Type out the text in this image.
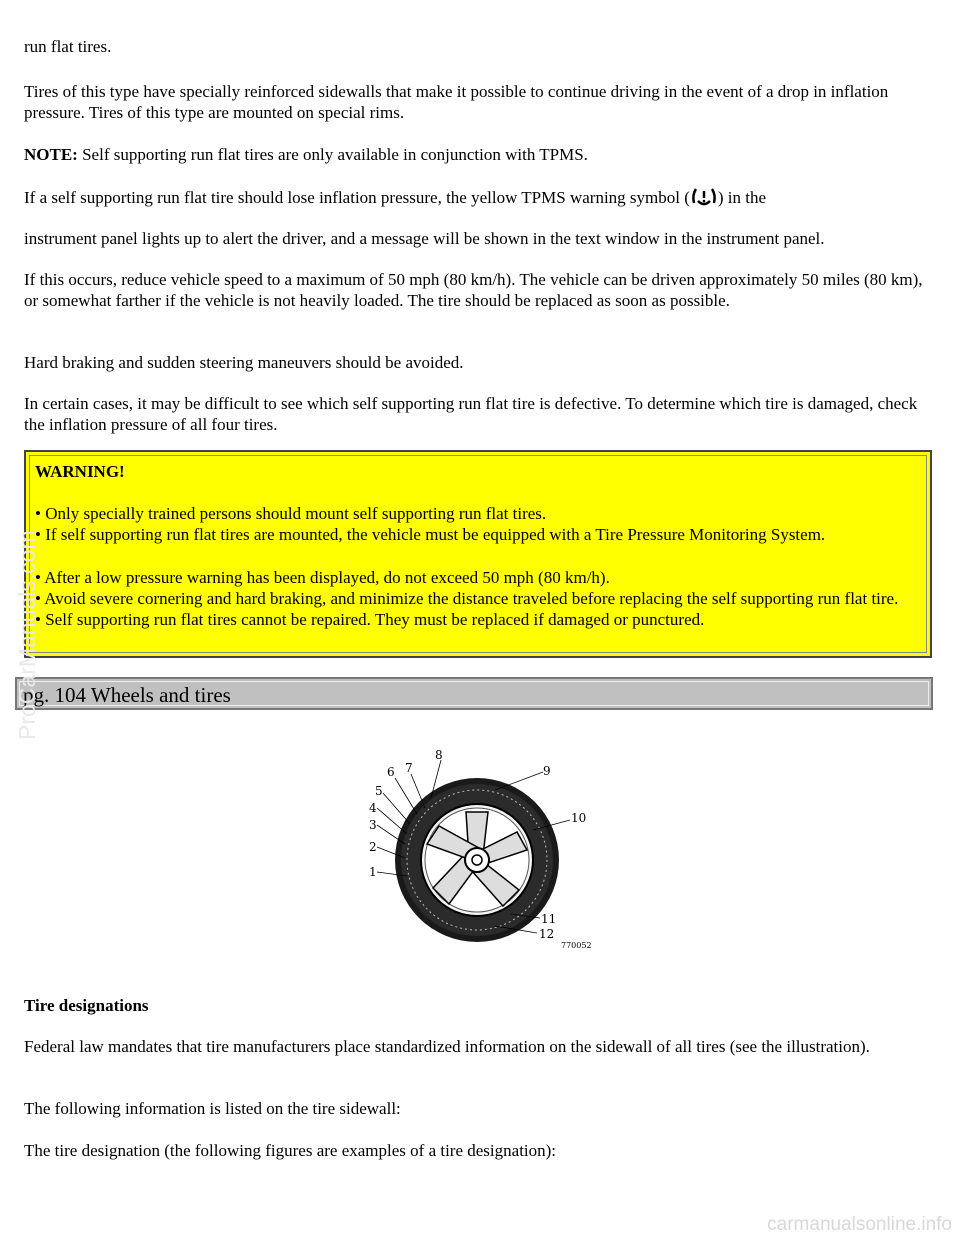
run flat tires.

Tires of this type have specially reinforced sidewalls that make it possible to continue driving in the event of a drop in inflation pressure. Tires of this type are mounted on special rims.

NOTE: Self supporting run flat tires are only available in conjunction with TPMS.

If a self supporting run flat tire should lose inflation pressure, the yellow TPMS warning symbol ( ) in the

instrument panel lights up to alert the driver, and a message will be shown in the text window in the instrument panel.

If this occurs, reduce vehicle speed to a maximum of 50 mph (80 km/h). The vehicle can be driven approximately 50 miles (80 km), or somewhat farther if the vehicle is not heavily loaded. The tire should be replaced as soon as possible.

Hard braking and sudden steering maneuvers should be avoided.

In certain cases, it may be difficult to see which self supporting run flat tire is defective. To determine which tire is damaged, check the inflation pressure of all four tires.

WARNING!
• Only specially trained persons should mount self supporting run flat tires.
• If self supporting run flat tires are mounted, the vehicle must be equipped with a Tire Pressure Monitoring System.
• After a low pressure warning has been displayed, do not exceed 50 mph (80 km/h).
• Avoid severe cornering and hard braking, and minimize the distance traveled before replacing the self supporting run flat tire.
• Self supporting run flat tires cannot be repaired. They must be replaced if damaged or punctured.
pg. 104 Wheels and tires
1
2
3
4
5
6 7
8
9
10
11
12
770052
Tire designations

Federal law mandates that tire manufacturers place standardized information on the sidewall of all tires (see the illustration).

The following information is listed on the tire sidewall:

The tire designation (the following figures are examples of a tire designation):

ProCarManuals.com
carmanualsonline.info
